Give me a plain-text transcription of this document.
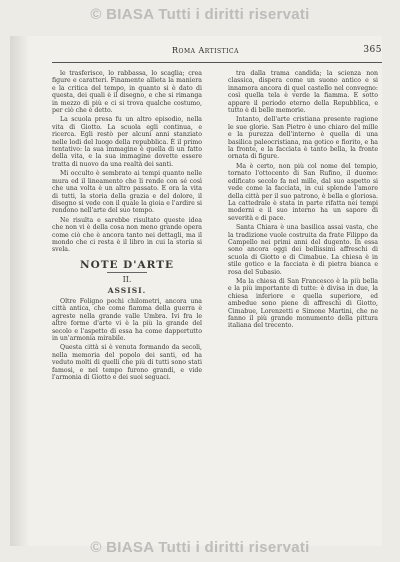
© BIASA Tutti i diritti riservati
Roma Artistica	365

le trasferisce, lo rabbassa, lo scaglia; crea figure e caratteri. Finamente allieta la maniera e la critica del tempo, in quanto si è dato di questa, dei quali è il disegno, e che si rimanga in mezzo di più e ci si trova qualche costumo, per ciò che è detto.

La scuola presa fu un altro episodio, nella vita di Giotto. La scuola egli continua, e ricerca. Egli restò per alcuni anni stanziato nelle lodi del luogo della repubblica. È il primo tentativo: la sua immagine è quella di un fatto della vita, e la sua immagine dovette essere tratta di nuovo da una realtà dei santi.

Mi occulto è sembrato ai tempi quanto nelle mura ed il lineamento che li rende con sé così che una volta è un altro passato. E ora la vita di tutti, la storia della grazia e del dolore, il disegno si vede con il quale la gioia e l'ardire si rendono nell'arte del suo tempo.

Ne risulta e sarebbe risultato queste idea che non vi è della cosa non meno grande opera come ciò che è ancora tanto nei dettagli, ma il mondo che ci resta è il libro in cui la storia si svela.

NOTE D'ARTE
II.
ASSISI.

Oltre Foligno pochi chilometri, ancora una città antica, che come fiamma della guerra è agreste nella grande valle Umbra. Ivi fra le altre forme d'arte vi è la più la grande del secolo e l'aspetto di essa ha come dappertutto in un'armonia mirabile.

Questa città si è venuta formando da secoli, nella memoria del popolo dei santi, ed ha veduto molti di quelli che più di tutti sono stati famosi, e nel tempo furono grandi, e vide l'armonia di Giotto e dei suoi seguaci.

tra dalla trama candida; la scienza non classica, dispera come un suono antico e si innamora ancora di quel castello nel convegno: così quella tela è verde la fiamma. E sotto appare il periodo eterno della Repubblica, e tutto è di belle memorie.

Intanto, dell'arte cristiana presente ragione le sue glorie. San Pietro è uno chiaro del mille e la purezza dell'interno è quella di una basilica paleocristiana, ma gotico e fiorito, e ha la fronte, e la facciata è tanto bella, la fronte ornata di figure.

Ma è certo, non più col nome del tempio, tornato l'ottocento di San Rufino, il duomo: edificato secolo fa nel mille, dal suo aspetto si vede come la facciata, in cui splende l'amore della città per il suo patrono, è bella e gloriosa. La cattedrale è stata in parte rifatta nei tempi moderni e il suo interno ha un sapore di severità e di pace.

Santa Chiara è una basilica assai vasta, che la tradizione vuole costruita da frate Filippo da Campello nei primi anni del dugento. In essa sono ancora oggi dei bellissimi affreschi di scuola di Giotto e di Cimabue. La chiesa è in stile gotico e la facciata è di pietra bianca e rosa del Subasio.

Ma la chiesa di San Francesco è la più bella e la più importante di tutte: è divisa in due, la chiesa inferiore e quella superiore, ed ambedue sono piene di affreschi di Giotto, Cimabue, Lorenzetti e Simone Martini, che ne fanno il più grande monumento della pittura italiana del trecento.

© BIASA Tutti i diritti riservati
